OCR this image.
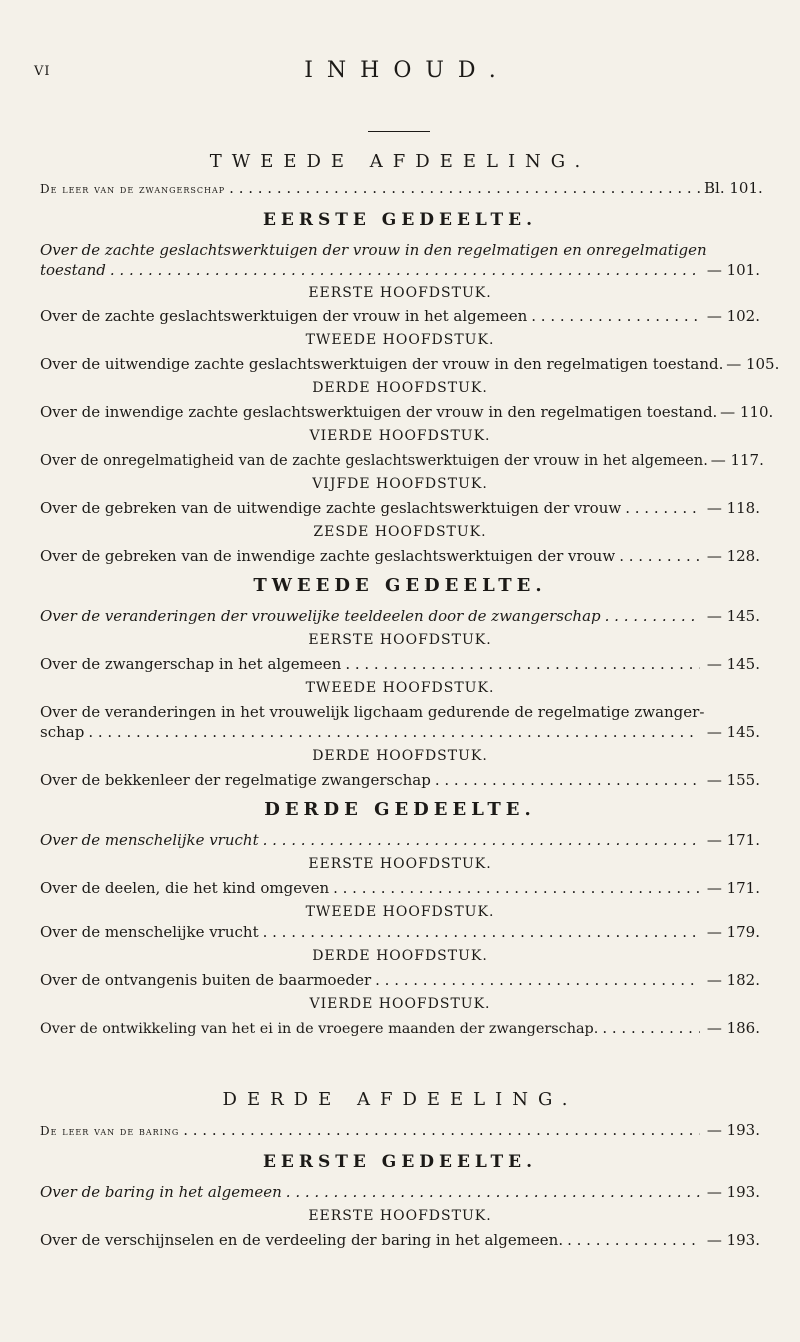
VI	INHOUD.
TWEEDE AFDEELING.
De leer van de zwangerschap . . .	Bl. 101.
EERSTE GEDEELTE.
Over de zachte geslachtswerktuigen der vrouw in den regelmatigen en onregelmatigen
toestand . . .	— 101.
EERSTE HOOFDSTUK.
Over de zachte geslachtswerktuigen der vrouw in het algemeen . . .	— 102.
TWEEDE HOOFDSTUK.
Over de uitwendige zachte geslachtswerktuigen der vrouw in den regelmatigen toestand. — 105.
DERDE HOOFDSTUK.
Over de inwendige zachte geslachtswerktuigen der vrouw in den regelmatigen toestand. — 110.
VIERDE HOOFDSTUK.
Over de onregelmatigheid van de zachte geslachtswerktuigen der vrouw in het algemeen. — 117.
VIJFDE HOOFDSTUK.
Over de gebreken van de uitwendige zachte geslachtswerktuigen der vrouw . . .	— 118.
ZESDE HOOFDSTUK.
Over de gebreken van de inwendige zachte geslachtswerktuigen der vrouw . . .	— 128.
TWEEDE GEDEELTE.
Over de veranderingen der vrouwelijke teeldeelen door de zwangerschap . . .	— 145.
EERSTE HOOFDSTUK.
Over de zwangerschap in het algemeen . . .	— 145.
TWEEDE HOOFDSTUK.
Over de veranderingen in het vrouwelijk ligchaam gedurende de regelmatige zwanger-
schap . . .	— 145.
DERDE HOOFDSTUK.
Over de bekkenleer der regelmatige zwangerschap . . .	— 155.
DERDE GEDEELTE.
Over de menschelijke vrucht . . .	— 171.
EERSTE HOOFDSTUK.
Over de deelen, die het kind omgeven . . .	— 171.
TWEEDE HOOFDSTUK.
Over de menschelijke vrucht . . .	— 179.
DERDE HOOFDSTUK.
Over de ontvangenis buiten de baarmoeder . . .	— 182.
VIERDE HOOFDSTUK.
Over de ontwikkeling van het ei in de vroegere maanden der zwangerschap. . . .	— 186.
DERDE AFDEELING.
De leer van de baring . . .	— 193.
EERSTE GEDEELTE.
Over de baring in het algemeen . . .	— 193.
EERSTE HOOFDSTUK.
Over de verschijnselen en de verdeeling der baring in het algemeen. . . .	— 193.
